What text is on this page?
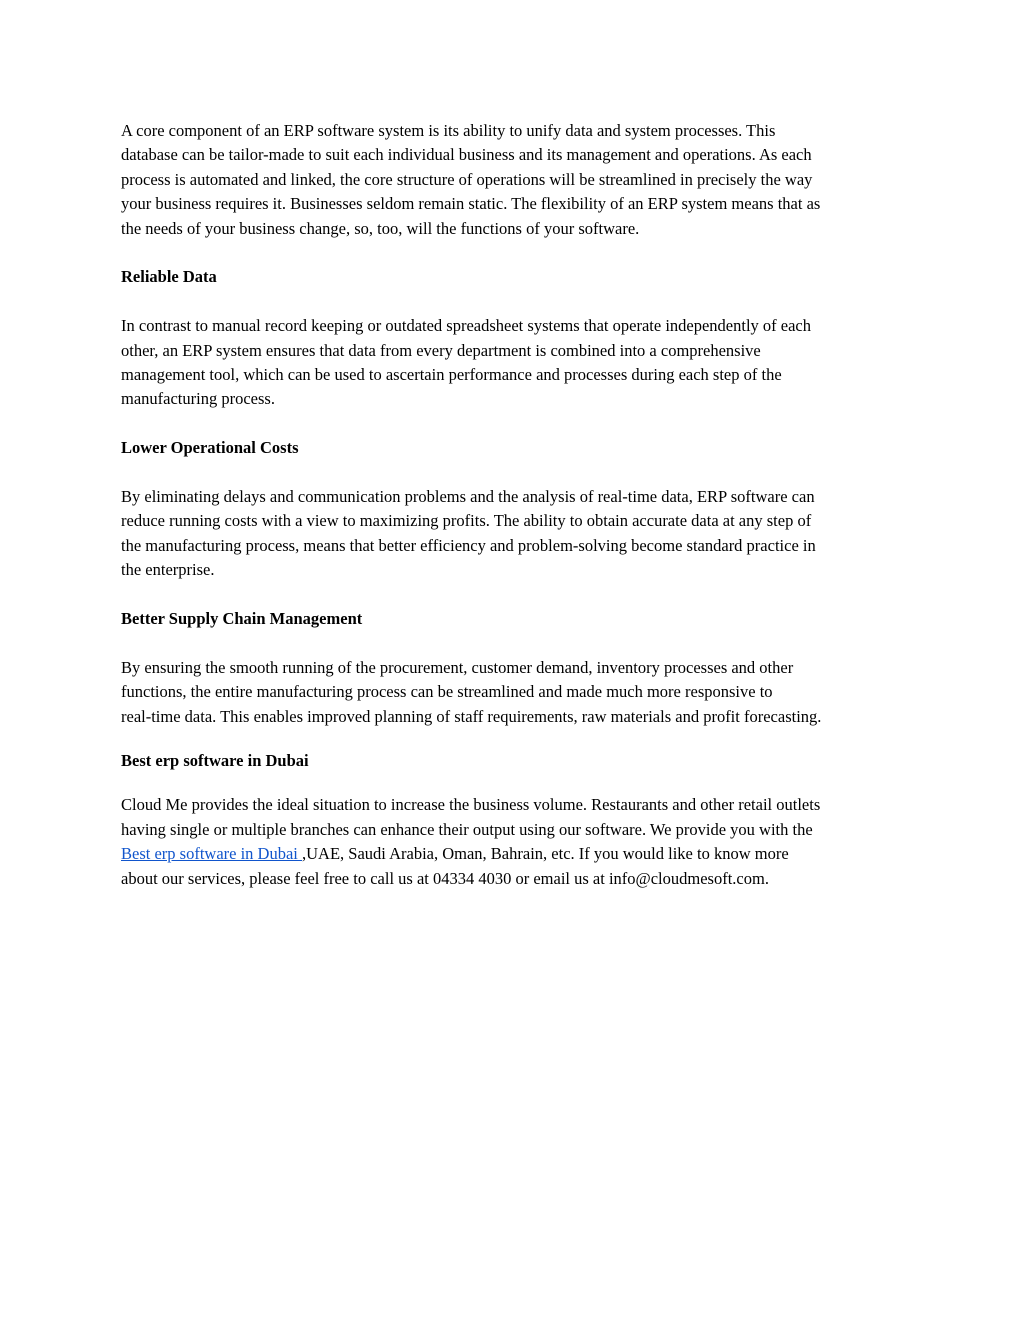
A core component of an ERP software system is its ability to unify data and system processes. This

database can be tailor-made to suit each individual business and its management and operations. As each

process is automated and linked, the core structure of operations will be streamlined in precisely the way

your business requires it. Businesses seldom remain static. The flexibility of an ERP system means that as

the needs of your business change, so, too, will the functions of your software.

Reliable Data

In contrast to manual record keeping or outdated spreadsheet systems that operate independently of each

other, an ERP system ensures that data from every department is combined into a comprehensive

management tool, which can be used to ascertain performance and processes during each step of the

manufacturing process.

Lower Operational Costs

By eliminating delays and communication problems and the analysis of real-time data, ERP software can

reduce running costs with a view to maximizing profits. The ability to obtain accurate data at any step of

the manufacturing process, means that better efficiency and problem-solving become standard practice in

the enterprise.

Better Supply Chain Management

By ensuring the smooth running of the procurement, customer demand, inventory processes and other

functions, the entire manufacturing process can be streamlined and made much more responsive to

real-time data. This enables improved planning of staff requirements, raw materials and profit forecasting.

Best erp software in Dubai

Cloud Me provides the ideal situation to increase the business volume. Restaurants and other retail outlets

having single or multiple branches can enhance their output using our software. We provide you with the

Best erp software in Dubai ,UAE, Saudi Arabia, Oman, Bahrain, etc. If you would like to know more

about our services, please feel free to call us at 04334 4030 or email us at info@cloudmesoft.com.
